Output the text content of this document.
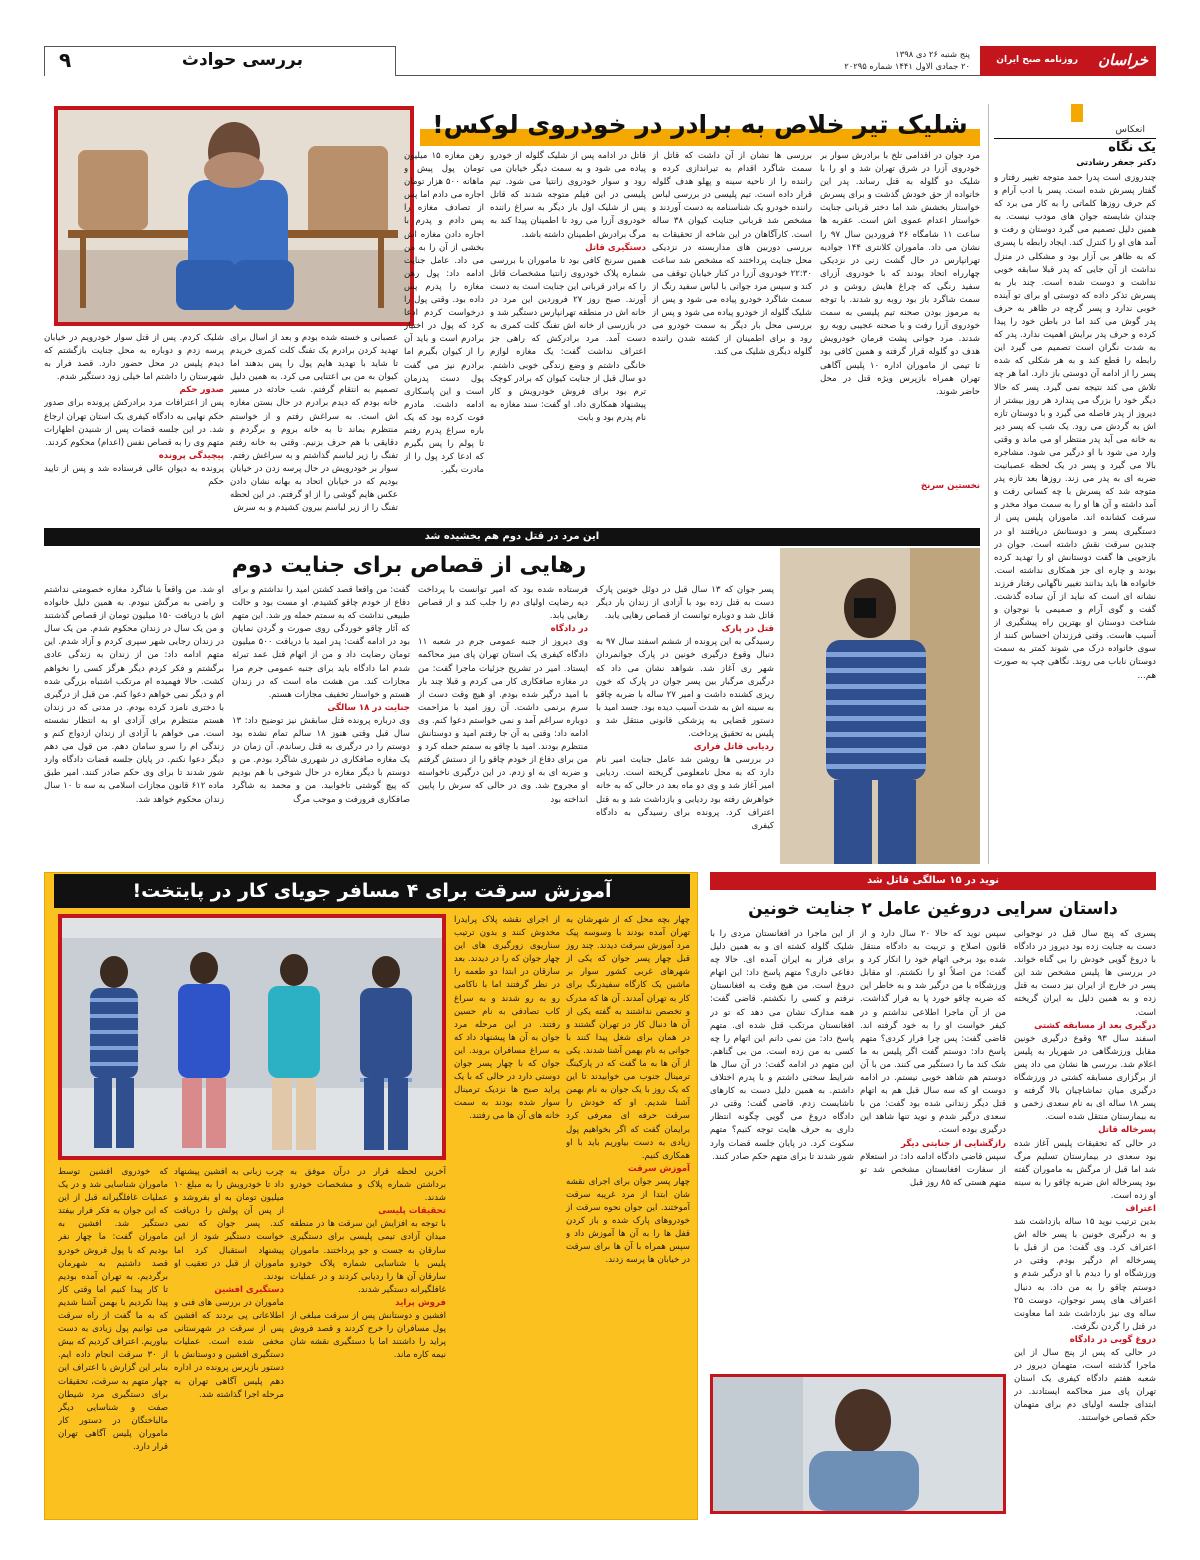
خراسان
روزنامه صبح ایران
پنج شنبه ۲۶ دی ۱۳۹۸
۲۰ جمادی الاول ۱۴۴۱ شماره ۲۰۲۹۵
بررسی حوادث
۹
انعکاس
یک نگاه
دکتر جعفر رشادتی
چندروزی است پدرا حمد متوجه تغییر رفتار و گفتار پسرش شده است. پسر با ادب آرام و کم حرف روزها کلماتی را به کار می برد که چندان شایسته جوان های مودب نیست. به همین دلیل تصمیم می گیرد دوستان و رفت و آمد های او را کنترل کند. ایجاد رابطه با پسری که به ظاهر بی آزار بود و مشکلی در منزل نداشت از آن جایی که پدر قبلا سابقه خوبی نداشت و دوست شده است. چند بار به پسرش تذکر داده که دوستی او برای تو آینده خوبی ندارد و پسر گرچه در ظاهر به حرف پدر گوش می کند اما در باطن خود را پیدا کرده و حرف پدر برایش اهمیت ندارد. پدر که به شدت نگران است تصمیم می گیرد این رابطه را قطع کند و به هر شکلی که شده پسر را از ادامه آن دوستی باز دارد. اما هر چه تلاش می کند نتیجه نمی گیرد. پسر که حالا دیگر خود را بزرگ می پندارد هر روز بیشتر از دیروز از پدر فاصله می گیرد و با دوستان تازه اش به گردش می رود. یک شب که پسر دیر به خانه می آید پدر منتظر او می ماند و وقتی وارد می شود با او درگیر می شود. مشاجره بالا می گیرد و پسر در یک لحظه عصبانیت ضربه ای به پدر می زند. روزها بعد تازه پدر متوجه شد که پسرش با چه کسانی رفت و آمد داشته و آن ها او را به سمت مواد مخدر و سرقت کشانده اند. ماموران پلیس پس از دستگیری پسر و دوستانش دریافتند او در چندین سرقت نقش داشته است. جوان در بازجویی ها گفت دوستانش او را تهدید کرده بودند و چاره ای جز همکاری نداشته است. خانواده ها باید بدانند تغییر ناگهانی رفتار فرزند نشانه ای است که نباید از آن ساده گذشت. گفت و گوی آرام و صمیمی با نوجوان و شناخت دوستان او بهترین راه پیشگیری از آسیب هاست. وقتی فرزندان احساس کنند از سوی خانواده درک می شوند کمتر به سمت دوستان ناباب می روند. نگاهی چپ به صورت هم...
شلیک تیر خلاص به برادر در خودروی لوکس!
مرد جوان در اقدامی تلخ با برادرش سوار بر خودروی آزرا در شرق تهران شد و او را با شلیک دو گلوله به قتل رساند. پدر این خانواده از حق خودش گذشت و برای پسرش خواستار بخشش شد اما دختر قربانی جنایت خواستار اعدام عموی اش است. عقربه ها ساعت ۱۱ شامگاه ۲۶ فروردین سال ۹۷ را نشان می داد. ماموران کلانتری ۱۴۴ جوادیه تهرانپارس در حال گشت زنی در نزدیکی چهارراه اتحاد بودند که با خودروی آزرای سفید رنگی که چراغ هایش روشن و در سمت شاگرد باز بود روبه رو شدند. با توجه به مرموز بودن صحنه تیم پلیسی به سمت خودروی آزرا رفت و با صحنه عجیبی روبه رو شدند. مرد جوانی پشت فرمان خودرویش هدف دو گلوله قرار گرفته و همین کافی بود تا تیمی از ماموران اداره ۱۰ پلیس آگاهی تهران همراه بازپرس ویژه قتل در محل حاضر شوند.
نخستین سرنخ
بررسی ها نشان از آن داشت که قاتل از سمت شاگرد اقدام به تیراندازی کرده و راننده را از ناحیه سینه و پهلو هدف گلوله قرار داده است. تیم پلیسی در بررسی لباس راننده خودرو یک شناسنامه به دست آوردند و مشخص شد قربانی جنایت کیوان ۳۸ ساله است. کارآگاهان در این شاخه از تحقیقات به بررسی دوربین های مداربسته در نزدیکی محل جنایت پرداختند که مشخص شد ساعت ۲۲:۳۰ خودروی آزرا در کنار خیابان توقف می کند و سپس مرد جوانی با لباس سفید رنگ از سمت شاگرد خودرو پیاده می شود و پس از شلیک گلوله از خودرو پیاده می شود و پس از بررسی محل بار دیگر به سمت خودرو می رود و برای اطمینان از کشته شدن راننده گلوله دیگری شلیک می کند.
قاتل در ادامه پس از شلیک گلوله از خودرو پیاده می شود و به سمت دیگر خیابان می رود و سوار خودروی زانتیا می شود. تیم پلیسی در این فیلم متوجه شدند که قاتل پس از شلیک اول بار دیگر به سراغ راننده خودروی آزرا می رود تا اطمینان پیدا کند به مرگ برادرش اطمینان داشته باشد.
دستگیری قاتل
همین سرنخ کافی بود تا ماموران با بررسی شماره پلاک خودروی زانتیا مشخصات قاتل را که برادر قربانی این جنایت است به دست آورند. صبح روز ۲۷ فروردین این مرد در خانه اش در منطقه تهرانپارس دستگیر شد و در بازرسی از خانه اش تفنگ کلت کمری به دست آمد. مرد برادرکش که راهی جز اعتراف نداشت گفت: یک مغازه لوازم خانگی داشتم و وضع زندگی خوبی داشتم. دو سال قبل از جنایت کیوان که برادر کوچک ترم بود برای فروش خودرویش و کار پیشنهاد همکاری داد. او گفت: سند مغازه به نام پدرم بود و بابت
رهن مغازه ۱۵ میلیون تومان پول پیش و ماهانه ۵۰۰ هزار تومان اجاره می دادم اما پس از تصادف مغازه را پس دادم و پدرم با اجاره دادن مغازه اش بخشی از آن را به من می داد. عامل جنایت ادامه داد: پول رهن مغازه را پدرم پس داده بود. وقتی پول را درخواست کردم ادعا کرد که پول در اختیار برادرم است و باید آن را از کیوان بگیرم اما برادرم نیز می گفت پول دست پدرمان است و این پاسکاری ادامه داشت. مادرم فوت کرده بود که یک باره سراغ پدرم رفتم تا پولم را پس بگیرم که ادعا کرد پول را از مادرت بگیر.
عصبانی و خسته شده بودم و بعد از اسال برای تهدید کردن برادرم یک تفنگ کلت کمری خریدم تا شاید با تهدید هایم پول را پس بدهند اما کیوان به من بی اعتنایی می کرد. به همین دلیل تصمیم به انتقام گرفتم. شب حادثه در مسیر خانه بودم که دیدم برادرم در حال بستن مغازه اش است. به سراغش رفتم و از خواستم منتظرم بماند تا به خانه بروم و برگردم و دقایقی با هم حرف بزنیم. وقتی به خانه رفتم تفنگ را زیر لباسم گذاشتم و به سراغش رفتم. سوار بر خودرویش در حال پرسه زدن در خیابان بودیم که در خیابان اتحاد به بهانه نشان دادن عکس هایم گوشی را از او گرفتم. در این لحظه تفنگ را از زیر لباسم بیرون کشیدم و به سرش
شلیک کردم. پس از قتل سوار خودرویم در خیابان پرسه زدم و دوباره به محل جنایت بازگشتم که دیدم پلیس در محل حضور دارد. قصد فرار به شهرستان را داشتم اما خیلی زود دستگیر شدم.
صدور حکم
پس از اعترافات مرد برادرکش پرونده برای صدور حکم نهایی به دادگاه کیفری یک استان تهران ارجاع شد. در این جلسه قضات پس از شنیدن اظهارات متهم وی را به قصاص نفس (اعدام) محکوم کردند.
پیچیدگی پرونده
پرونده به دیوان عالی فرستاده شد و پس از تایید حکم
این مرد در قتل دوم هم بخشیده شد
رهایی از قصاص برای جنایت دوم
پسر جوان که ۱۳ سال قبل در دوئل خونین پارک دست به قتل زده بود با آزادی از زندان بار دیگر قاتل شد و دوباره توانست از قصاص رهایی یابد.
قتل در پارک
رسیدگی به این پرونده از ششم اسفند سال ۹۷ به دنبال وقوع درگیری خونین در پارک جوانمردان شهر ری آغاز شد. شواهد نشان می داد که درگیری مرگبار بین پسر جوان در پارک که خون ریزی کشنده داشت و امیر ۲۷ ساله با ضربه چاقو به سینه اش به شدت آسیب دیده بود. جسد امید با دستور قضایی به پزشکی قانونی منتقل شد و پلیس به تحقیق پرداخت.
ردیابی قاتل فراری
در بررسی ها روشن شد عامل جنایت امیر نام دارد که به محل نامعلومی گریخته است. ردیابی امیر آغاز شد و وی دو ماه بعد در حالی که به خانه خواهرش رفته بود ردیابی و بازداشت شد و به قتل اعتراف کرد. پرونده برای رسیدگی به دادگاه کیفری
فرستاده شده بود که امیر توانست با پرداخت دیه رضایت اولیای دم را جلب کند و از قصاص رهایی یابد.
در دادگاه
وی دیروز از جنبه عمومی جرم در شعبه ۱۱ دادگاه کیفری یک استان تهران پای میز محاکمه ایستاد. امیر در تشریح جزئیات ماجرا گفت: من در مغازه صافکاری کار می کردم و قبلا چند بار با امید درگیر شده بودم. او هیچ وقت دست از سرم برنمی داشت. آن روز امید با مزاحمت دوباره سراغم آمد و نمی خواستم دعوا کنم. وی ادامه داد: وقتی به آن جا رفتم امید و دوستانش منتظرم بودند. امید با چاقو به سمتم حمله کرد و من برای دفاع از خودم چاقو را از دستش گرفتم و ضربه ای به او زدم. در این درگیری ناخواسته او مجروح شد. وی در حالی که سرش را پایین انداخته بود
گفت: من واقعا قصد کشتن امید را نداشتم و برای دفاع از خودم چاقو کشیدم. او مست بود و حالت طبیعی نداشت که به سمتم حمله ور شد. این متهم که آثار چاقو خوردگی روی صورت و گردن نمایان بود در ادامه گفت: پدر امید با دریافت ۵۰۰ میلیون تومان رضایت داد و من از اتهام قتل عمد تبرئه شدم اما دادگاه باید برای جنبه عمومی جرم مرا مجازات کند. من هشت ماه است که در زندان هستم و خواستار تخفیف مجازات هستم.
جنایت در ۱۸ سالگی
وی درباره پرونده قتل سابقش نیز توضیح داد: ۱۳ سال قبل وقتی هنوز ۱۸ سالم تمام نشده بود دوستم را در درگیری به قتل رساندم. آن زمان در یک مغازه صافکاری در شهرری شاگرد بودم. من و دوستم با دیگر مغازه در حال شوخی با هم بودیم که پیچ گوشتی تاخوابید. من و محمد به شاگرد صافکاری فرورفت و موجب مرگ
او شد. من واقعاً با شاگرد مغازه خصومتی نداشتم و راضی به مرگش نبودم. به همین دلیل خانواده اش با دریافت ۱۵۰ میلیون تومان از قصاص گذشتند و من یک سال در زندان محکوم شدم. من یک سال در زندان رجایی شهر سپری کردم و آزاد شدم. این متهم ادامه داد: من از زندان به زندگی عادی برگشتم و فکر کردم دیگر هرگز کسی را نخواهم کشت. حالا فهمیده ام مرتکب اشتباه بزرگی شده ام و دیگر نمی خواهم دعوا کنم. من قبل از درگیری با دختری نامزد کرده بودم. در مدتی که در زندان هستم منتظرم برای آزادی او به انتظار نشسته است. می خواهم با آزادی از زندان ازدواج کنم و زندگی ام را سرو سامان دهم. من قول می دهم دیگر دعوا نکنم. در پایان جلسه قضات دادگاه وارد شور شدند تا برای وی حکم صادر کنند. امیر طبق ماده ۶۱۲ قانون مجازات اسلامی به سه تا ۱۰ سال زندان محکوم خواهد شد.
آموزش سرقت برای ۴ مسافر جویای کار در پایتخت!
چهار بچه محل که از شهرشان به تهران آمده بودند با وسوسه پیک مرد آموزش سرقت دیدند. چند روز قبل چهار پسر جوان که یکی از شهرهای غربی کشور سوار بر ماشین یک کارگاه سفیدرنگ برای کار به تهران آمدند. آن ها که مدرک و تخصص نداشتند به گفته یکی از آن ها دنبال کار در تهران گشتند و در همان برای شغل پیدا کنند با جوانی به نام بهمن آشنا شدند. یکی از آن ها به ما گفت که در پارکینگ ترمینال جنوب می خوابیدند تا این که یک روز با یک جوان به نام بهمن آشنا شدیم. او که خودش را سرقت حرفه ای معرفی کرد برایمان گفت که اگر بخواهیم پول زیادی به دست بیاوریم باید با او همکاری کنیم.
آموزش سرقت
چهار پسر جوان برای اجرای نقشه شان ابتدا از مرد غریبه سرقت آموختند. این جوان نحوه سرقت از خودروهای پارک شده و باز کردن قفل ها را به آن ها آموزش داد و سپس همراه با آن ها برای سرقت در خیابان ها پرسه زدند.
از اجرای نقشه پلاک پرایدرا مخدوش کنند و بدون ترتیب سناریوی زورگیری های این چهار جوان که را در دیدند. بعد سارقان در ابتدا دو طعمه را در نظر گرفتند اما با ناکامی رو به رو شدند و به سراغ کاب تصادفی به نام حسین رفتند. در این مرحله مرد جوان به آن ها پیشنهاد داد که به سراغ مسافران بروند. این جوان که با چهار پسر جوان دوستی دارد در حالی که با یک پراید صبح ها نزدیک ترمینال سوار شده بودند به سمت خانه های آن ها می رفتند.
آخرین لحظه قرار در درآن موفق به برداشتن شماره پلاک و مشخصات خودرو شدند.
تحقیقات پلیسی
با توجه به افزایش این سرقت ها در منطقه میدان آزادی تیمی پلیسی برای دستگیری سارقان به جست و جو پرداختند. ماموران پلیس با شناسایی شماره پلاک خودرو سارقان آن ها را ردیابی کردند و در عملیات غافلگیرانه دستگیر شدند.
فروش پراید
افشین و دوستانش پس از سرقت مبلغی از پول مسافران را خرج کردند و قصد فروش پراید را داشتند اما با دستگیری نقشه شان نیمه کاره ماند.
چرب زبانی به افشین پیشنهاد داد تا خودرویش را به مبلغ ۱۰ میلیون تومان به او بفروشد و از پس آن پولش را دریافت کند. پسر جوان که نمی خواست دستگیر شود از این پیشنهاد استقبال کرد اما ماموران از قبل در تعقیب او بودند.
دستگیری افشین
ماموران در بررسی های فنی و اطلاعاتی پی بردند که افشین پس از سرقت در شهرستانی مخفی شده است. عملیات دستگیری افشین و دوستانش با دستور بازپرس پرونده در اداره دهم پلیس آگاهی تهران به مرحله اجرا گذاشته شد.
که خودروی افشین توسط ماموران شناسایی شد و در یک عملیات غافلگیرانه قبل از این که این جوان به فکر فرار بیفتد دستگیر شد. افشین به ماموران گفت: ما چهار نفر بودیم که با پول فروش خودرو قصد داشتیم به شهرمان برگردیم. به تهران آمده بودیم تا کار پیدا کنیم اما وقتی کار پیدا نکردیم با بهمن آشنا شدیم که به ما گفت از راه سرقت می توانیم پول زیادی به دست بیاوریم. اعتراف کردیم که بیش از ۳۰ سرقت انجام داده ایم. بنابر این گزارش با اعتراف این چهار متهم به سرقت، تحقیقات برای دستگیری مرد شیطان صفت و شناسایی دیگر مالباختگان در دستور کار ماموران پلیس آگاهی تهران قرار دارد.
نوید در ۱۵ سالگی قاتل شد
داستان سرایی دروغین عامل ۲ جنایت خونین
پسری که پنج سال قبل در نوجوانی دست به جنایت زده بود دیروز در دادگاه با دروغ گویی خودش را بی گناه خواند. در بررسی ها پلیس مشخص شد این پسر در خارج از ایران نیز دست به قتل زده و به همین دلیل به ایران گریخته است.
درگیری بعد از مسابقه کشتی
اسفند سال ۹۳ وقوع درگیری خونین مقابل ورزشگاهی در شهریار به پلیس اعلام شد. بررسی ها نشان می داد پس از برگزاری مسابقه کشتی در ورزشگاه درگیری میان تماشاچیان بالا گرفته و پسر ۱۸ ساله ای به نام سعدی زخمی و به بیمارستان منتقل شده است.
پسرخاله قاتل
در حالی که تحقیقات پلیس آغاز شده بود سعدی در بیمارستان تسلیم مرگ شد اما قبل از مرگش به ماموران گفته بود پسرخاله اش ضربه چاقو را به سینه او زده است.
اعتراف
بدین ترتیب نوید ۱۵ ساله بازداشت شد و به درگیری خونین با پسر خاله اش اعتراف کرد. وی گفت: من از قبل با پسرخاله ام درگیر بودم. وقتی در ورزشگاه او را دیدم با او درگیر شدم و دوستم چاقو را به من داد. به دنبال اعتراف های پسر نوجوان، دوست ۲۵ ساله وی نیز بازداشت شد اما معاونت در قتل را گردن نگرفت.
دروغ گویی در دادگاه
در حالی که پس از پنج سال از این ماجرا گذشته است، متهمان دیروز در شعبه هفتم دادگاه کیفری یک استان تهران پای میز محاکمه ایستادند. در ابتدای جلسه اولیای دم برای متهمان حکم قصاص خواستند.
سپس نوید که حالا ۲۰ سال دارد و از قانون اصلاح و تربیت به دادگاه منتقل شده بود برخی اتهام خود را انکار کرد و گفت: من اصلاً او را نکشتم. او مقابل ورزشگاه با من درگیر شد و به خاطر این که ضربه چاقو خورد پا به فرار گذاشت. من از آن ماجرا اطلاعی نداشتم و در کیفر خواست او را به خود گرفته اند. قاضی گفت: پس چرا فرار کردی؟ متهم پاسخ داد: دوستم گفت اگر پلیس به ما شک کند ما را دستگیر می کنند. من با آن دوستم هم شاهد خوبی نیستم. در ادامه دوست او که سه سال قبل هم به اتهام قتل دیگر زندانی شده بود گفت: من با سعدی درگیر شدم و نوید تنها شاهد این درگیری بوده است.
رازگشایی از جنایتی دیگر
سپس قاضی دادگاه ادامه داد: در استعلام از سفارت افغانستان مشخص شد تو متهم هستی که ۸۵ روز قبل
از این ماجرا در افغانستان مردی را با شلیک گلوله کشته ای و به همین دلیل برای فرار به ایران آمده ای. حالا چه دفاعی داری؟ متهم پاسخ داد: این اتهام دروغ است. من هیچ وقت به افغانستان نرفتم و کسی را نکشتم. قاضی گفت: همه مدارک نشان می دهد که تو در افغانستان مرتکب قتل شده ای. متهم پاسخ داد: من نمی دانم این اتهام را چه کسی به من زده است. من بی گناهم. این متهم در ادامه گفت: در آن سال ها شرایط سختی داشتم و با پدرم اختلاف داشتم. به همین دلیل دست به کارهای ناشایست زدم. قاضی گفت: وقتی در دادگاه دروغ می گویی چگونه انتظار داری به حرف هایت توجه کنیم؟ متهم سکوت کرد. در پایان جلسه قضات وارد شور شدند تا برای متهم حکم صادر کنند.
